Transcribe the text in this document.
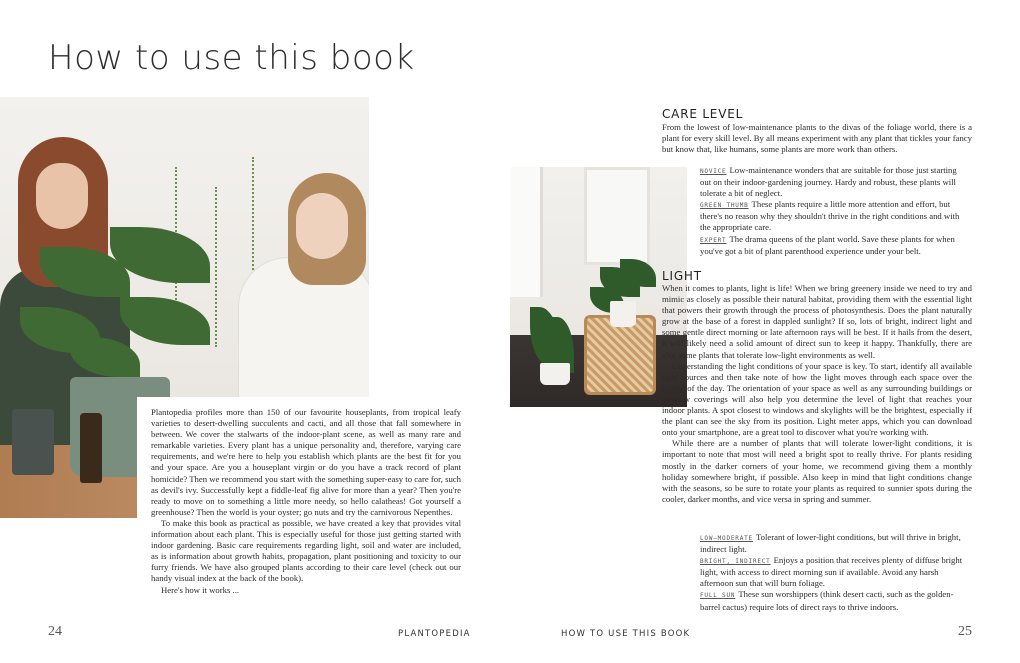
How to use this book

Plantopedia profiles more than 150 of our favourite houseplants, from tropical leafy varieties to desert-dwelling succulents and cacti, and all those that fall somewhere in between. We cover the stalwarts of the indoor-plant scene, as well as many rare and remarkable varieties. Every plant has a unique personality and, therefore, varying care requirements, and we're here to help you establish which plants are the best fit for you and your space. Are you a houseplant virgin or do you have a track record of plant homicide? Then we recommend you start with the something super-easy to care for, such as devil's ivy. Successfully kept a fiddle-leaf fig alive for more than a year? Then you're ready to move on to something a little more needy, so hello calatheas! Got yourself a greenhouse? Then the world is your oyster; go nuts and try the carnivorous Nepenthes.

To make this book as practical as possible, we have created a key that provides vital information about each plant. This is especially useful for those just getting started with indoor gardening. Basic care requirements regarding light, soil and water are included, as is information about growth habits, propagation, plant positioning and toxicity to our furry friends. We have also grouped plants according to their care level (check out our handy visual index at the back of the book).

Here's how it works ...

24	PLANTOPEDIA
CARE LEVEL

From the lowest of low-maintenance plants to the divas of the foliage world, there is a plant for every skill level. By all means experiment with any plant that tickles your fancy but know that, like humans, some plants are more work than others.

NOVICE Low-maintenance wonders that are suitable for those just starting out on their indoor-gardening journey. Hardy and robust, these plants will tolerate a bit of neglect.
GREEN THUMB These plants require a little more attention and effort, but there's no reason why they shouldn't thrive in the right conditions and with the appropriate care.
EXPERT The drama queens of the plant world. Save these plants for when you've got a bit of plant parenthood experience under your belt.
LIGHT

When it comes to plants, light is life! When we bring greenery inside we need to try and mimic as closely as possible their natural habitat, providing them with the essential light that powers their growth through the process of photosynthesis. Does the plant naturally grow at the base of a forest in dappled sunlight? If so, lots of bright, indirect light and some gentle direct morning or late afternoon rays will be best. If it hails from the desert, it will likely need a solid amount of direct sun to keep it happy. Thankfully, there are also some plants that tolerate low-light environments as well.

Understanding the light conditions of your space is key. To start, identify all available light sources and then take note of how the light moves through each space over the course of the day. The orientation of your space as well as any surrounding buildings or window coverings will also help you determine the level of light that reaches your indoor plants. A spot closest to windows and skylights will be the brightest, especially if the plant can see the sky from its position. Light meter apps, which you can download onto your smartphone, are a great tool to discover what you're working with.

While there are a number of plants that will tolerate lower-light conditions, it is important to note that most will need a bright spot to really thrive. For plants residing mostly in the darker corners of your home, we recommend giving them a monthly holiday somewhere bright, if possible. Also keep in mind that light conditions change with the seasons, so be sure to rotate your plants as required to sunnier spots during the cooler, darker months, and vice versa in spring and summer.

LOW–MODERATE Tolerant of lower-light conditions, but will thrive in bright, indirect light.
BRIGHT, INDIRECT Enjoys a position that receives plenty of diffuse bright light, with access to direct morning sun if available. Avoid any harsh afternoon sun that will burn foliage.
FULL SUN These sun worshippers (think desert cacti, such as the golden-barrel cactus) require lots of direct rays to thrive indoors.
HOW TO USE THIS BOOK	25
